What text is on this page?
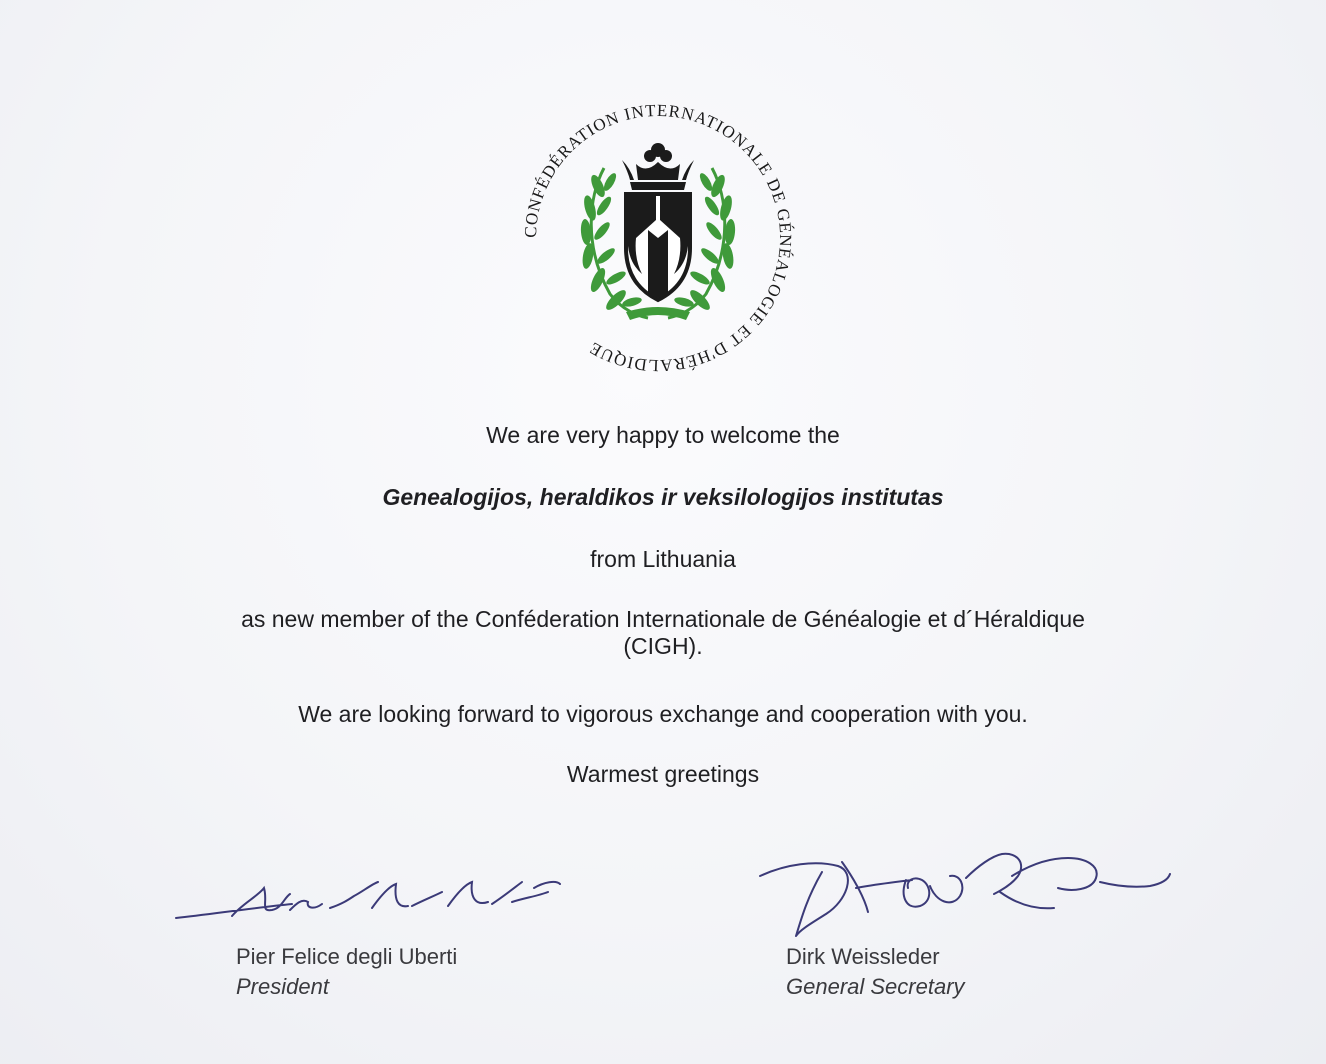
CONFÉDÉRATION INTERNATIONALE DE GÉNÉALOGIE ET D'HÉRALDIQUE
We are very happy to welcome the
Genealogijos, heraldikos ir veksilologijos institutas
from Lithuania
as new member of the Conféderation Internationale de Généalogie et d´Héraldique
(CIGH).
We are looking forward to vigorous exchange and cooperation with you.
Warmest greetings
Pier Felice degli Uberti
President
Dirk Weissleder
General Secretary
